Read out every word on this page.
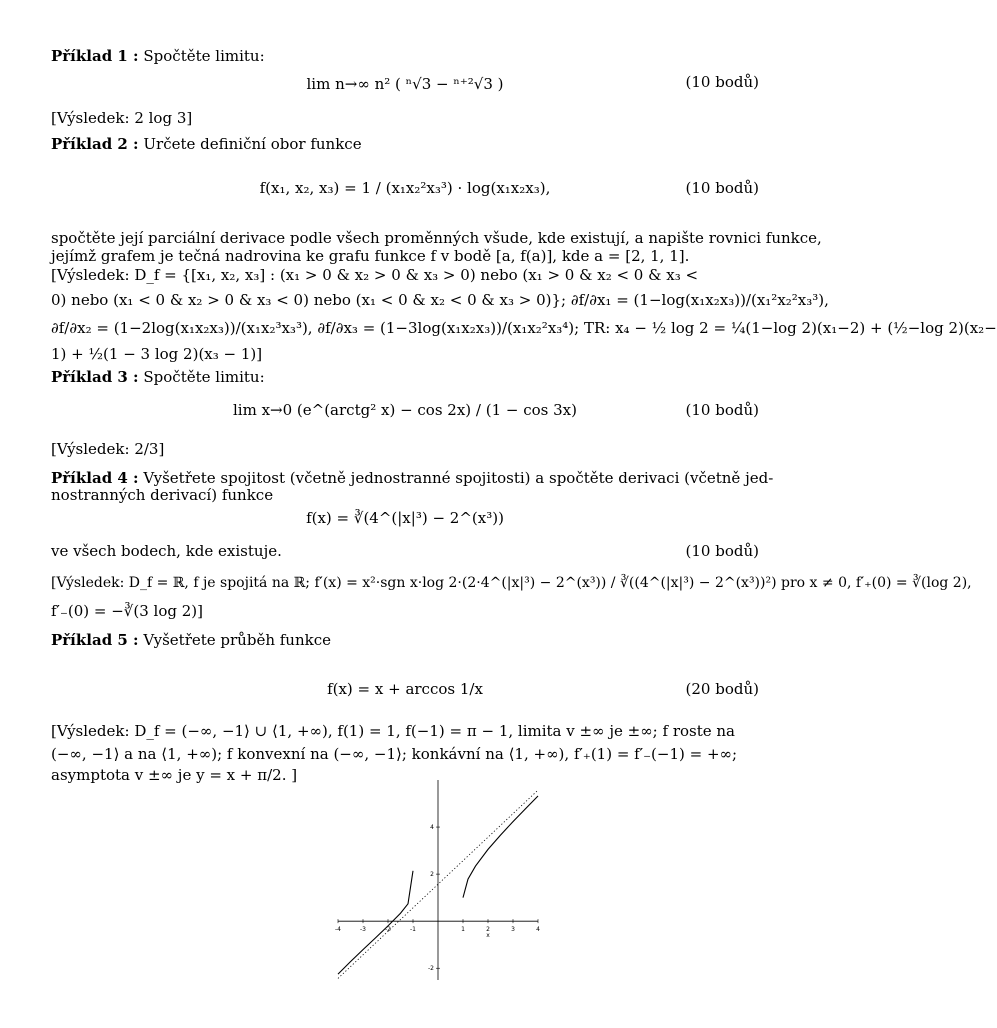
Příklad 1 : Spočtěte limitu:
lim n→∞ n² ( ⁿ√3 − ⁿ⁺²√3 )	(10 bodů)
[Výsledek: 2 log 3]
Příklad 2 : Určete definiční obor funkce
f(x₁, x₂, x₃) = 1 / (x₁x₂²x₃³) · log(x₁x₂x₃),	(10 bodů)
spočtěte její parciální derivace podle všech proměnných všude, kde existují, a napište rovnici funkce,
jejímž grafem je tečná nadrovina ke grafu funkce f v bodě [a, f(a)], kde a = [2, 1, 1].
[Výsledek: D_f = {[x₁, x₂, x₃] : (x₁ > 0 & x₂ > 0 & x₃ > 0) nebo (x₁ > 0 & x₂ < 0 & x₃ <
0) nebo (x₁ < 0 & x₂ > 0 & x₃ < 0) nebo (x₁ < 0 & x₂ < 0 & x₃ > 0)}; ∂f/∂x₁ = (1−log(x₁x₂x₃))/(x₁²x₂²x₃³),
∂f/∂x₂ = (1−2log(x₁x₂x₃))/(x₁x₂³x₃³), ∂f/∂x₃ = (1−3log(x₁x₂x₃))/(x₁x₂²x₃⁴); TR: x₄ − ½ log 2 = ¼(1−log 2)(x₁−2) + (½−log 2)(x₂−
1) + ½(1 − 3 log 2)(x₃ − 1)]
Příklad 3 : Spočtěte limitu:
lim x→0 (e^(arctg² x) − cos 2x) / (1 − cos 3x)	(10 bodů)
[Výsledek: 2/3]
Příklad 4 : Vyšetřete spojitost (včetně jednostranné spojitosti) a spočtěte derivaci (včetně jed-
nostranných derivací) funkce
f(x) = ∛(4^(|x|³) − 2^(x³))
ve všech bodech, kde existuje.	(10 bodů)
[Výsledek: D_f = ℝ, f je spojitá na ℝ; f′(x) = x²·sgn x·log 2·(2·4^(|x|³) − 2^(x³)) / ∛((4^(|x|³) − 2^(x³))²) pro x ≠ 0, f′₊(0) = ∛(log 2),
f′₋(0) = −∛(3 log 2)]
Příklad 5 : Vyšetřete průběh funkce
f(x) = x + arccos 1/x	(20 bodů)
[Výsledek: D_f = (−∞, −1⟩ ∪ ⟨1, +∞), f(1) = 1, f(−1) = π − 1, limita v ±∞ je ±∞; f roste na
(−∞, −1⟩ a na ⟨1, +∞); f konvexní na (−∞, −1⟩; konkávní na ⟨1, +∞), f′₊(1) = f′₋(−1) = +∞;
asymptota v ±∞ je y = x + π/2. ]
-4	-3	-2	-1	1	2	3	4
-2
2
4
x
